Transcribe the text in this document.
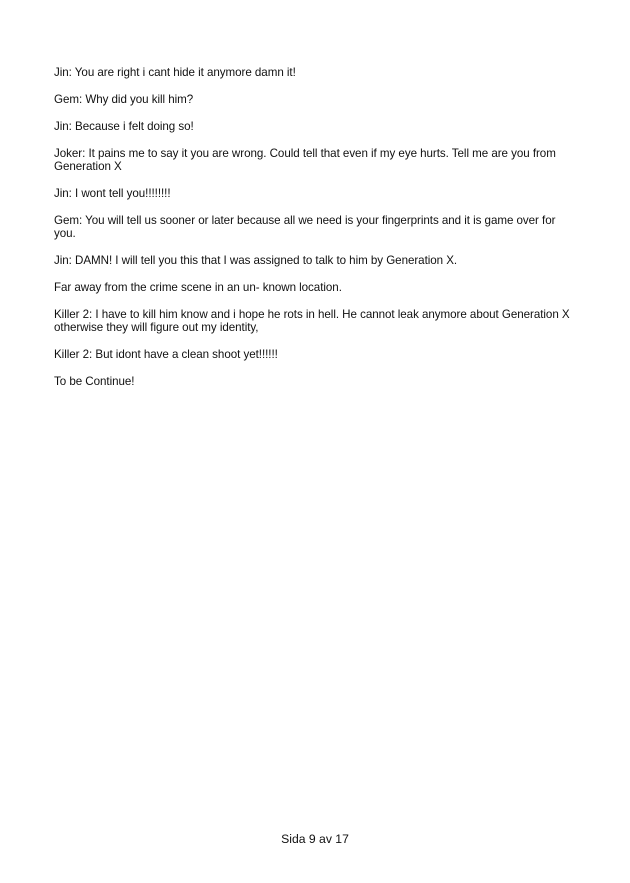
Jin: You are right i cant hide it anymore damn it!

Gem: Why did you kill him?

Jin: Because i felt doing so!

Joker: It pains me to say it you are wrong. Could tell that even if my eye hurts. Tell me are you from Generation X

Jin: I wont tell you!!!!!!!!

Gem: You will tell us sooner or later because all we need is your fingerprints and it is game over for you.

Jin: DAMN! I will tell you this that I was assigned to talk to him by Generation X.

Far away from the crime scene in an un- known location.

Killer 2: I have to kill him know and i hope he rots in hell. He cannot leak anymore about Generation X otherwise they will figure out my identity,

Killer 2: But idont have a clean shoot yet!!!!!!

To be Continue!

Sida 9 av 17
